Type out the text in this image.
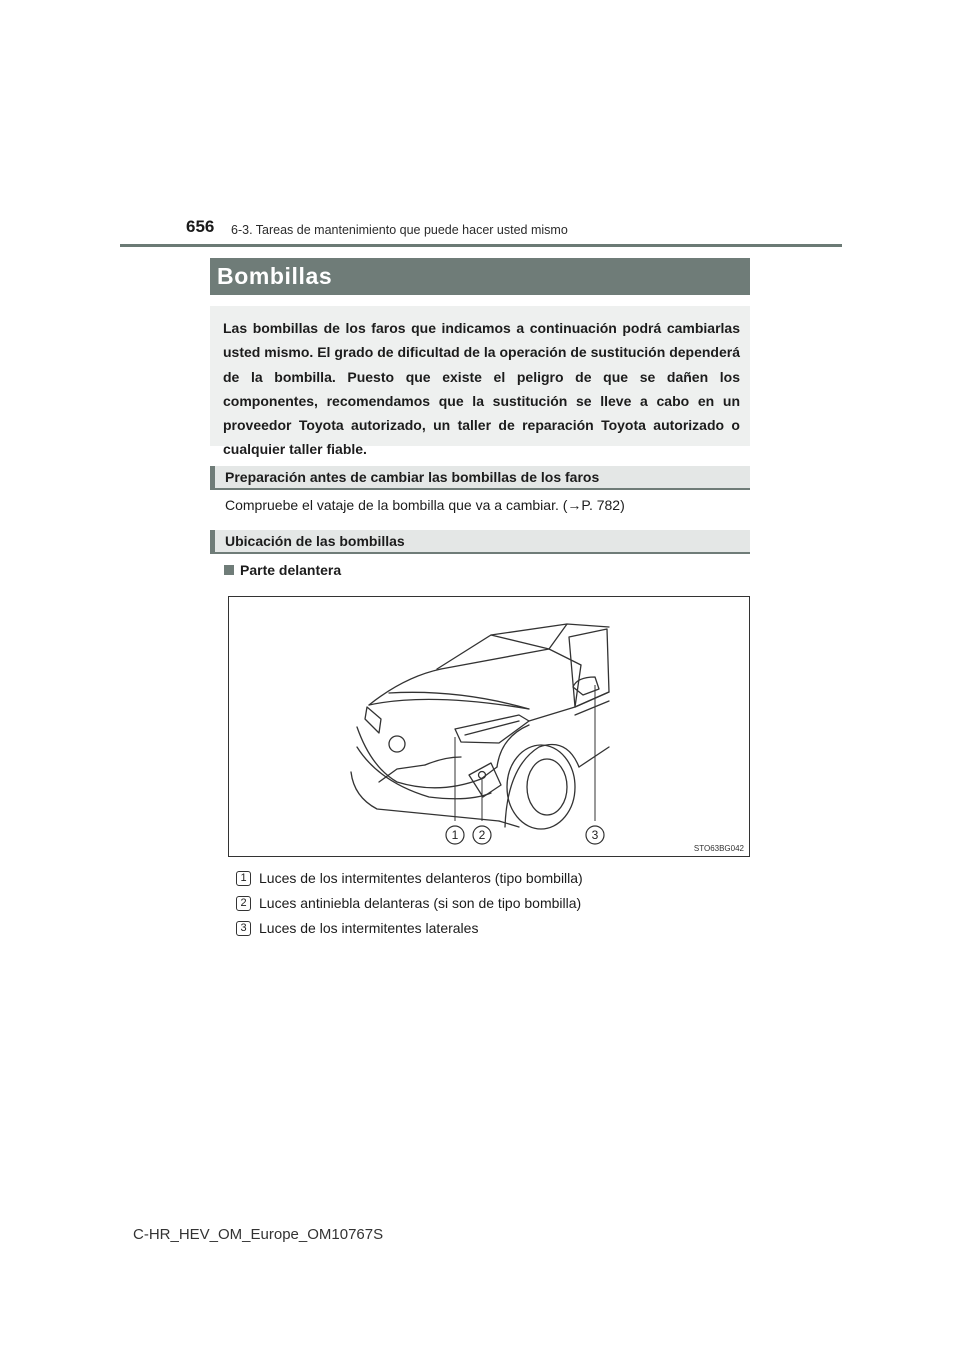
656 6-3. Tareas de mantenimiento que puede hacer usted mismo
Bombillas
Las bombillas de los faros que indicamos a continuación podrá cambiarlas usted mismo. El grado de dificultad de la operación de sustitución dependerá de la bombilla. Puesto que existe el peligro de que se dañen los componentes, recomendamos que la sustitución se lleve a cabo en un proveedor Toyota autorizado, un taller de reparación Toyota autorizado o cualquier taller fiable.
Preparación antes de cambiar las bombillas de los faros
Compruebe el vataje de la bombilla que va a cambiar. (→P. 782)
Ubicación de las bombillas
Parte delantera
1 2	3
STO63BG042
1 Luces de los intermitentes delanteros (tipo bombilla)
2 Luces antiniebla delanteras (si son de tipo bombilla)
3 Luces de los intermitentes laterales
C-HR_HEV_OM_Europe_OM10767S
